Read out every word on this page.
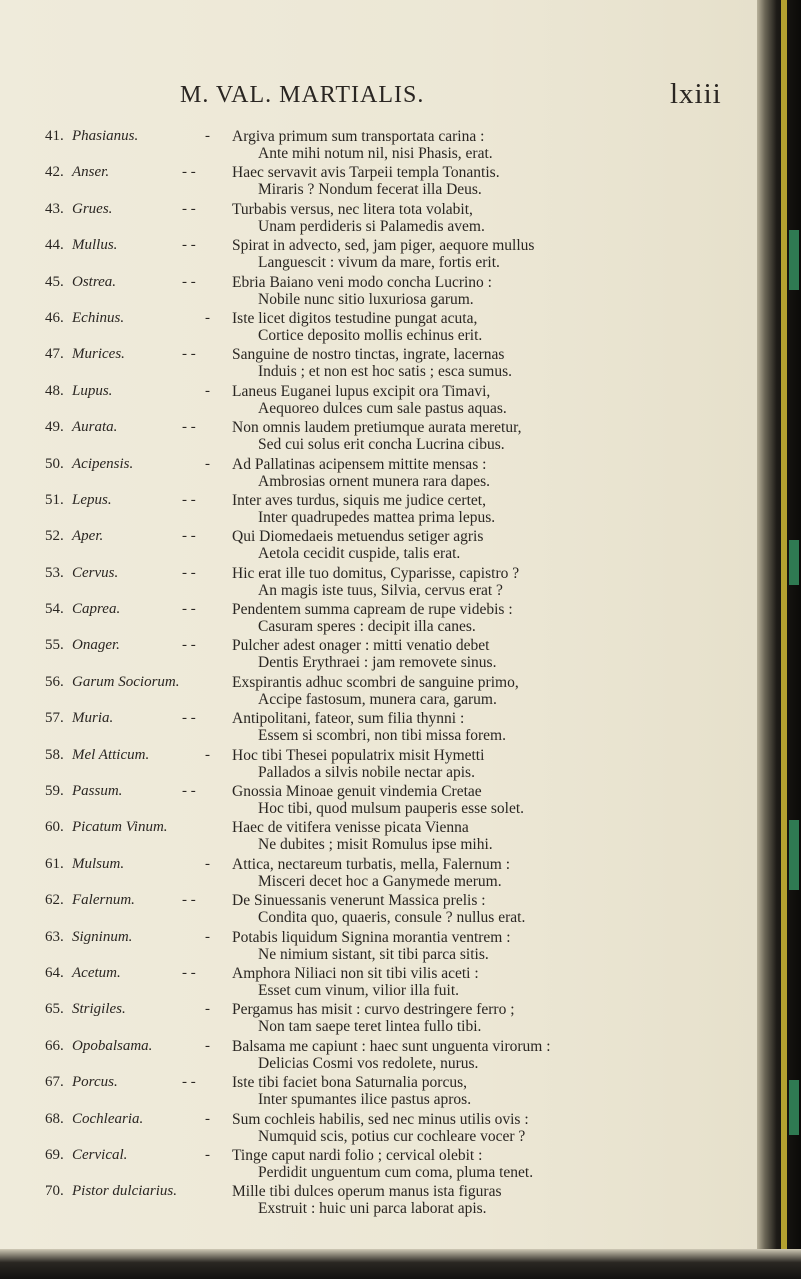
M. VAL. MARTIALIS.	lxiii
41. Phasianus.	- Argiva primum sum transportata carina :
Ante mihi notum nil, nisi Phasis, erat.
42. Anser.	- - Haec servavit avis Tarpeii templa Tonantis.
Miraris ? Nondum fecerat illa Deus.
43. Grues.	- - Turbabis versus, nec litera tota volabit,
Unam perdideris si Palamedis avem.
44. Mullus.	- - Spirat in advecto, sed, jam piger, aequore mullus
Languescit : vivum da mare, fortis erit.
45. Ostrea.	- - Ebria Baiano veni modo concha Lucrino :
Nobile nunc sitio luxuriosa garum.
46. Echinus.	- Iste licet digitos testudine pungat acuta,
Cortice deposito mollis echinus erit.
47. Murices.	- - Sanguine de nostro tinctas, ingrate, lacernas
Induis ; et non est hoc satis ; esca sumus.
48. Lupus.	- Laneus Euganei lupus excipit ora Timavi,
Aequoreo dulces cum sale pastus aquas.
49. Aurata.	- - Non omnis laudem pretiumque aurata meretur,
Sed cui solus erit concha Lucrina cibus.
50. Acipensis.	- Ad Pallatinas acipensem mittite mensas :
Ambrosias ornent munera rara dapes.
51. Lepus.	- - Inter aves turdus, siquis me judice certet,
Inter quadrupedes mattea prima lepus.
52. Aper.	- - Qui Diomedaeis metuendus setiger agris
Aetola cecidit cuspide, talis erat.
53. Cervus.	- - Hic erat ille tuo domitus, Cyparisse, capistro ?
An magis iste tuus, Silvia, cervus erat ?
54. Caprea.	- - Pendentem summa capream de rupe videbis :
Casuram speres : decipit illa canes.
55. Onager.	- - Pulcher adest onager : mitti venatio debet
Dentis Erythraei : jam removete sinus.
56. Garum Sociorum.	Exspirantis adhuc scombri de sanguine primo,
Accipe fastosum, munera cara, garum.
57. Muria.	- - Antipolitani, fateor, sum filia thynni :
Essem si scombri, non tibi missa forem.
58. Mel Atticum.	- Hoc tibi Thesei populatrix misit Hymetti
Pallados a silvis nobile nectar apis.
59. Passum.	- - Gnossia Minoae genuit vindemia Cretae
Hoc tibi, quod mulsum pauperis esse solet.
60. Picatum Vinum.	Haec de vitifera venisse picata Vienna
Ne dubites ; misit Romulus ipse mihi.
61. Mulsum.	- Attica, nectareum turbatis, mella, Falernum :
Misceri decet hoc a Ganymede merum.
62. Falernum.	- - De Sinuessanis venerunt Massica prelis :
Condita quo, quaeris, consule ? nullus erat.
63. Signinum.	- Potabis liquidum Signina morantia ventrem :
Ne nimium sistant, sit tibi parca sitis.
64. Acetum.	- - Amphora Niliaci non sit tibi vilis aceti :
Esset cum vinum, vilior illa fuit.
65. Strigiles.	- Pergamus has misit : curvo destringere ferro ;
Non tam saepe teret lintea fullo tibi.
66. Opobalsama.	- Balsama me capiunt : haec sunt unguenta virorum :
Delicias Cosmi vos redolete, nurus.
67. Porcus.	- - Iste tibi faciet bona Saturnalia porcus,
Inter spumantes ilice pastus apros.
68. Cochlearia.	- Sum cochleis habilis, sed nec minus utilis ovis :
Numquid scis, potius cur cochleare vocer ?
69. Cervical.	- Tinge caput nardi folio ; cervical olebit :
Perdidit unguentum cum coma, pluma tenet.
70. Pistor dulciarius.	Mille tibi dulces operum manus ista figuras
Exstruit : huic uni parca laborat apis.
